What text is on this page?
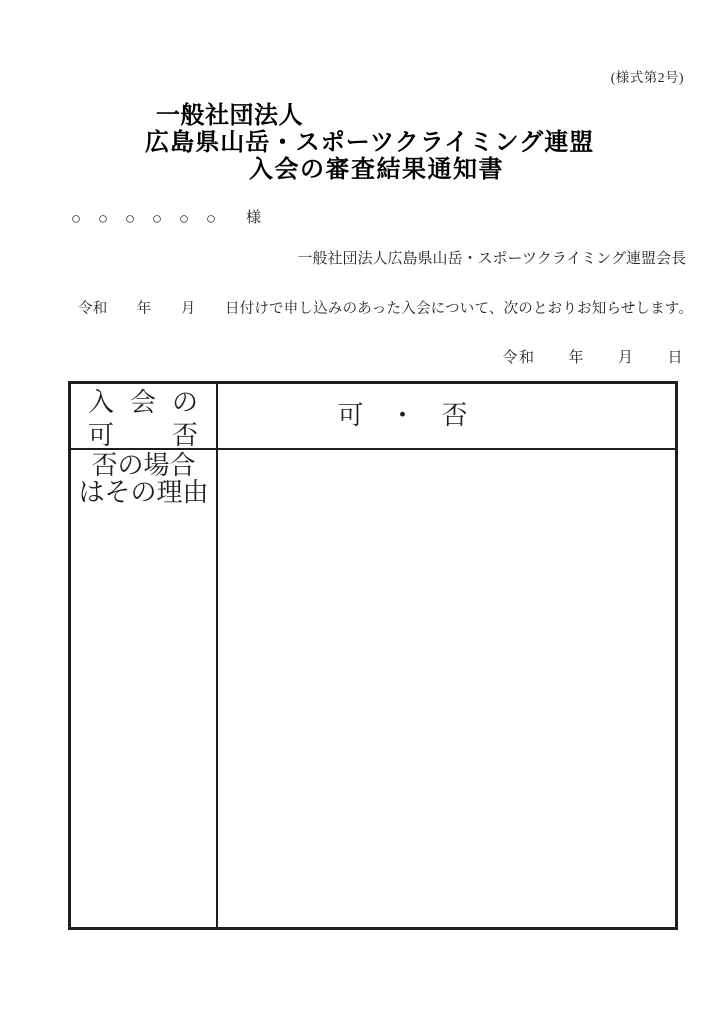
(様式第2号)
一般社団法人
広島県山岳・スポーツクライミング連盟
入会の審査結果通知書
○ ○ ○ ○ ○ ○ 様
一般社団法人広島県山岳・スポーツクライミング連盟会長
令和　　年　　月　　日付けで申し込みのあった入会について、次のとおりお知らせします。
令和　　年　　月　　日
入会の
可否
可　・　否
否の場合
はその理由
